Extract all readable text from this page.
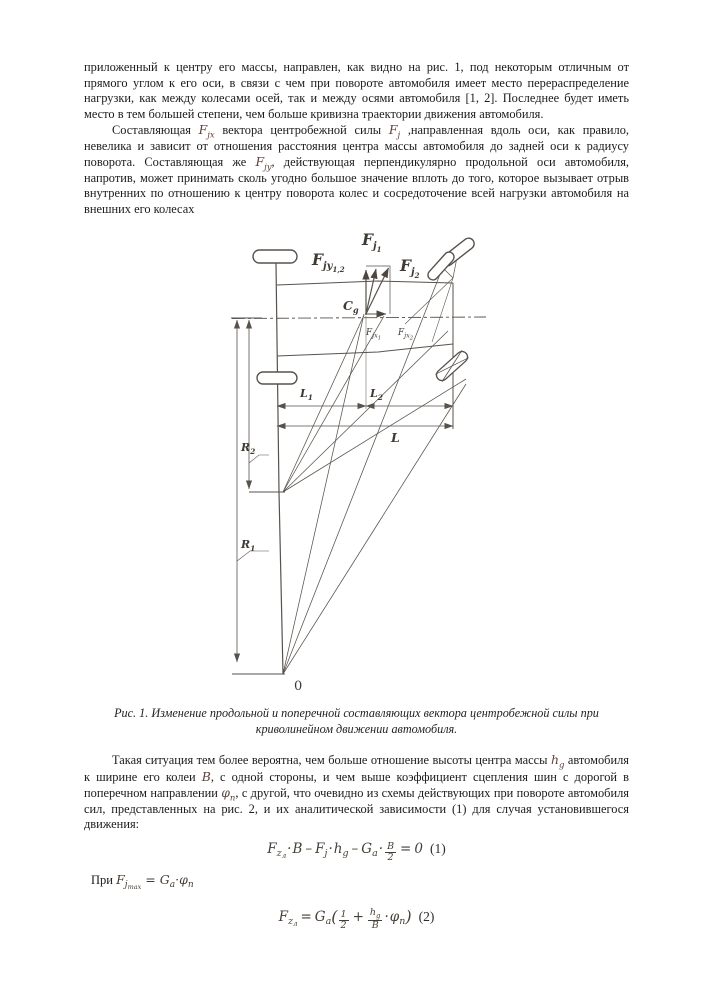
приложенный к центру его массы, направлен, как видно на рис. 1, под некоторым отличным от прямого углом к его оси, в связи с чем при повороте автомобиля имеет место перераспределение нагрузки, как между колесами осей, так и между осями автомобиля [1, 2]. Последнее будет иметь место в тем большей степени, чем больше кривизна траектории движения автомобиля.

Составляющая $F_{jx}$ вектора центробежной силы $F_j$ ,направленная вдоль оси, как правило, невелика и зависит от отношения расстояния центра массы автомобиля до задней оси к радиусу поворота. Составляющая же $F_{jy}$, действующая перпендикулярно продольной оси автомобиля, напротив, может принимать сколь угодно большое значение вплоть до того, которое вызывает отрыв внутренних по отношению к центру поворота колес и сосредоточение всей нагрузки автомобиля на внешних его колесах

$F_{jy}1,2$
$F_j1$
$F_j2$
$C_g$
$F_{jx1}$
$F_{jx2}$
$L_1$	$L_2$
L
$R_2$
$R_1$
0
Рис. 1. Изменение продольной и поперечной составляющих вектора центробежной силы при криволинейном движении автомобиля.

Такая ситуация тем более вероятна, чем больше отношение высоты центра массы $h_g$ автомобиля к ширине его колеи B, с одной стороны, и чем выше коэффициент сцепления шин с дорогой в поперечном направлении $\varphi_п$, с другой, что очевидно из схемы действующих при повороте автомобиля сил, представленных на рис. 2, и их аналитической зависимости (1) для случая установившегося движения:

$F_{zл}\cdot B - F_j\cdot h_g - G_a\cdot \frac{B}{2} = 0$ (1)
При $F_{jmax} = G_a\cdot\varphi_п$
$F_{zл} = G_a( \frac{1}{2} + \frac{h_g}{B} \cdot\varphi_п)$ (2)
